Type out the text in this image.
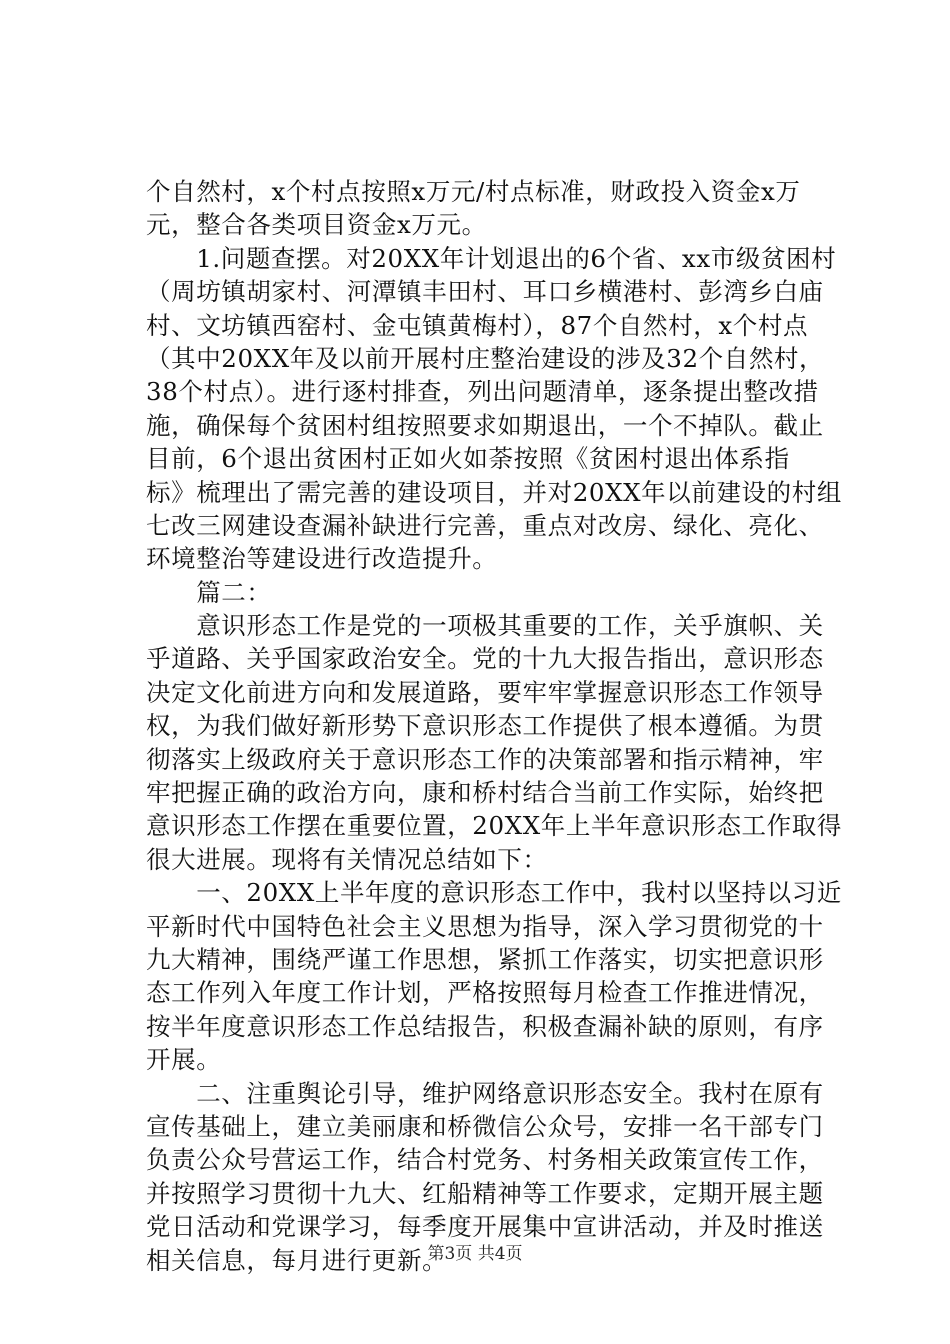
个自然村，x个村点按照x万元/村点标准，财政投入资金x万
元，整合各类项目资金x万元。
　　1.问题查摆。对20XX年计划退出的6个省、xx市级贫困村
（周坊镇胡家村、河潭镇丰田村、耳口乡横港村、彭湾乡白庙
村、文坊镇西窑村、金屯镇黄梅村），87个自然村，x个村点
（其中20XX年及以前开展村庄整治建设的涉及32个自然村，
38个村点）。进行逐村排查，列出问题清单，逐条提出整改措
施，确保每个贫困村组按照要求如期退出，一个不掉队。截止
目前，6个退出贫困村正如火如荼按照《贫困村退出体系指
标》梳理出了需完善的建设项目，并对20XX年以前建设的村组
七改三网建设查漏补缺进行完善，重点对改房、绿化、亮化、
环境整治等建设进行改造提升。
　　篇二：
　　意识形态工作是党的一项极其重要的工作，关乎旗帜、关
乎道路、关乎国家政治安全。党的十九大报告指出，意识形态
决定文化前进方向和发展道路，要牢牢掌握意识形态工作领导
权，为我们做好新形势下意识形态工作提供了根本遵循。为贯
彻落实上级政府关于意识形态工作的决策部署和指示精神，牢
牢把握正确的政治方向，康和桥村结合当前工作实际，始终把
意识形态工作摆在重要位置，20XX年上半年意识形态工作取得
很大进展。现将有关情况总结如下：
　　一、20XX上半年度的意识形态工作中，我村以坚持以习近
平新时代中国特色社会主义思想为指导，深入学习贯彻党的十
九大精神，围绕严谨工作思想，紧抓工作落实，切实把意识形
态工作列入年度工作计划，严格按照每月检查工作推进情况，
按半年度意识形态工作总结报告，积极查漏补缺的原则，有序
开展。
　　二、注重舆论引导，维护网络意识形态安全。我村在原有
宣传基础上，建立美丽康和桥微信公众号，安排一名干部专门
负责公众号营运工作，结合村党务、村务相关政策宣传工作，
并按照学习贯彻十九大、红船精神等工作要求，定期开展主题
党日活动和党课学习，每季度开展集中宣讲活动，并及时推送
相关信息，每月进行更新。
第3页 共4页
